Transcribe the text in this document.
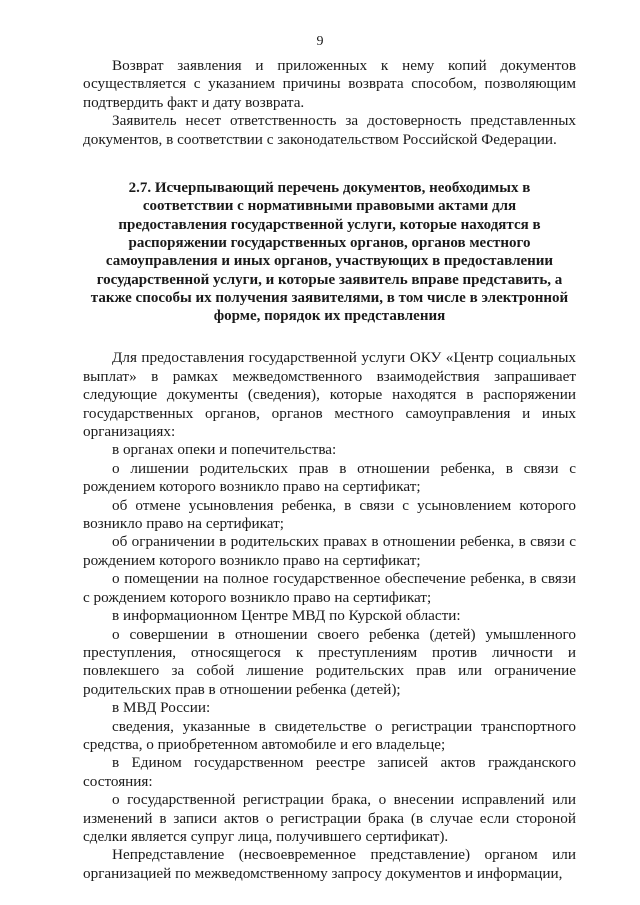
9

Возврат заявления и приложенных к нему копий документов осуществляется с указанием причины возврата способом, позволяющим подтвердить факт и дату возврата.

Заявитель несет ответственность за достоверность представленных документов, в соответствии с законодательством Российской Федерации.

2.7. Исчерпывающий перечень документов, необходимых в
соответствии с нормативными правовыми актами для
предоставления государственной услуги, которые находятся в
распоряжении государственных органов, органов местного
самоуправления и иных органов, участвующих в предоставлении
государственной услуги, и которые заявитель вправе представить, а
также способы их получения заявителями, в том числе в электронной
форме, порядок их представления

Для предоставления государственной услуги ОКУ «Центр социальных выплат» в рамках межведомственного взаимодействия запрашивает следующие документы (сведения), которые находятся в распоряжении государственных органов, органов местного самоуправления и иных организациях:

в органах опеки и попечительства:

о лишении родительских прав в отношении ребенка, в связи с рождением которого возникло право на сертификат;

об отмене усыновления ребенка, в связи с усыновлением которого возникло право на сертификат;

об ограничении в родительских правах в отношении ребенка, в связи с рождением которого возникло право на сертификат;

о помещении на полное государственное обеспечение ребенка, в связи с рождением которого возникло право на сертификат;

в информационном Центре МВД по Курской области:

о совершении в отношении своего ребенка (детей) умышленного преступления, относящегося к преступлениям против личности и повлекшего за собой лишение родительских прав или ограничение родительских прав в отношении ребенка (детей);

в МВД России:

сведения, указанные в свидетельстве о регистрации транспортного средства, о приобретенном автомобиле и его владельце;

в Едином государственном реестре записей актов гражданского состояния:

о государственной регистрации брака, о внесении исправлений или изменений в записи актов о регистрации брака (в случае если стороной сделки является супруг лица, получившего сертификат).

Непредставление (несвоевременное представление) органом или организацией по межведомственному запросу документов и информации,
